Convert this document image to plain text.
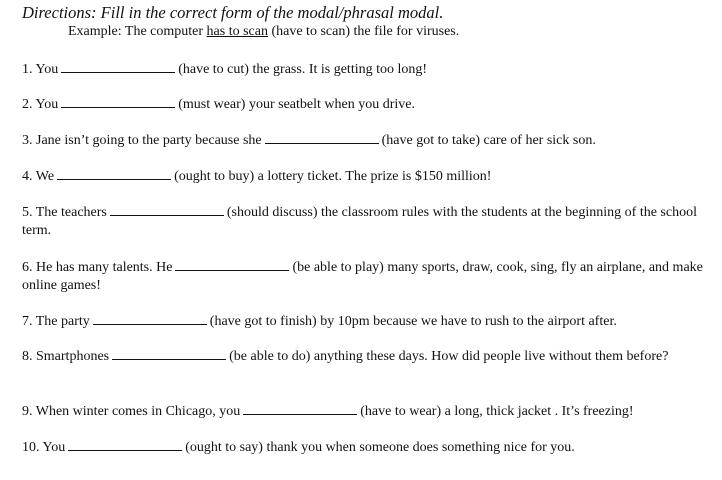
Directions: Fill in the correct form of the modal/phrasal modal.
Example: The computer has to scan (have to scan) the file for viruses.
1. You	(have to cut) the grass. It is getting too long!
2. You	(must wear) your seatbelt when you drive.
3. Jane isn’t going to the party because she	(have got to take) care of her sick son.
4. We	(ought to buy) a lottery ticket. The prize is $150 million!
5. The teachers	(should discuss) the classroom rules with the students at the beginning of the school term.
6. He has many talents. He	(be able to play) many sports, draw, cook, sing, fly an airplane, and make online games!
7. The party	(have got to finish) by 10pm because we have to rush to the airport after.
8. Smartphones	(be able to do) anything these days. How did people live without them before?
9. When winter comes in Chicago, you	(have to wear) a long, thick jacket . It’s freezing!
10. You	(ought to say) thank you when someone does something nice for you.
